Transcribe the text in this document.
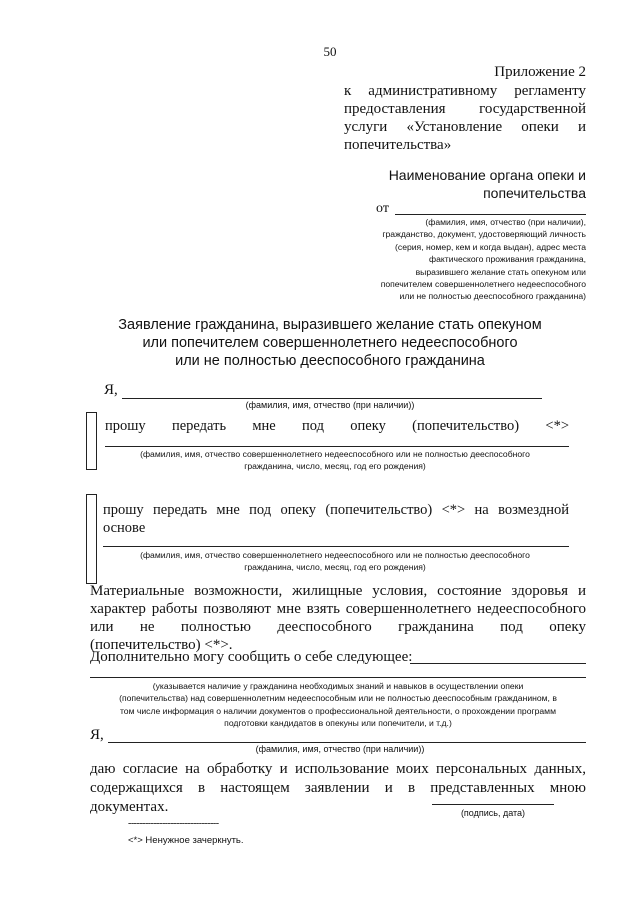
50
Приложение 2
к административному регламенту
предоставления государственной
услуги «Установление опеки и
попечительства»
Наименование органа опеки и
попечительства
от
(фамилия, имя, отчество (при наличии),
гражданство, документ, удостоверяющий личность
(серия, номер, кем и когда выдан), адрес места
фактического проживания гражданина,
выразившего желание стать опекуном или
попечителем совершеннолетнего недееспособного
или не полностью дееспособного гражданина)
Заявление гражданина, выразившего желание стать опекуном
или попечителем совершеннолетнего недееспособного
или не полностью дееспособного гражданина
Я,
(фамилия, имя, отчество (при наличии))
прошу передать мне под опеку (попечительство) <*>
(фамилия, имя, отчество совершеннолетнего недееспособного или не полностью дееспособного
гражданина, число, месяц, год его рождения)
прошу передать мне под опеку (попечительство) <*> на возмездной
основе
(фамилия, имя, отчество совершеннолетнего недееспособного или не полностью дееспособного
гражданина, число, месяц, год его рождения)
Материальные возможности, жилищные условия, состояние здоровья и
характер работы позволяют мне взять совершеннолетнего недееспособного
или не полностью дееспособного гражданина под опеку
(попечительство) <*>.
Дополнительно могу сообщить о себе следующее:
(указывается наличие у гражданина необходимых знаний и навыков в осуществлении опеки
(попечительства) над совершеннолетним недееспособным или не полностью дееспособным гражданином, в
том числе информация о наличии документов о профессиональной деятельности, о прохождении программ
подготовки кандидатов в опекуны или попечители, и т.д.)
Я,
(фамилия, имя, отчество (при наличии))
даю согласие на обработку и использование моих персональных данных,
содержащихся в настоящем заявлении и в представленных мною документах.	(подпись, дата)
--------------------------------
<*> Ненужное зачеркнуть.
